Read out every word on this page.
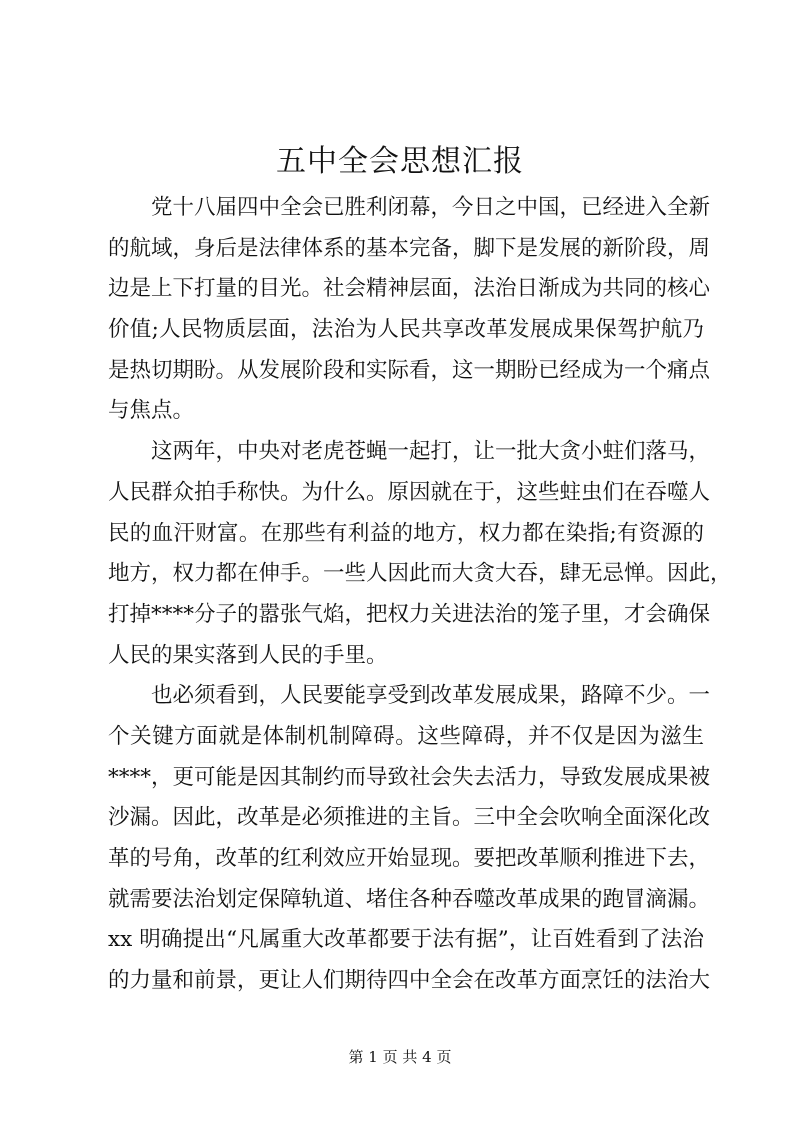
五中全会思想汇报
党十八届四中全会已胜利闭幕，今日之中国，已经进入全新
的航域，身后是法律体系的基本完备，脚下是发展的新阶段，周
边是上下打量的目光。社会精神层面，法治日渐成为共同的核心
价值;人民物质层面，法治为人民共享改革发展成果保驾护航乃
是热切期盼。从发展阶段和实际看，这一期盼已经成为一个痛点
与焦点。
这两年，中央对老虎苍蝇一起打，让一批大贪小蛀们落马，
人民群众拍手称快。为什么。原因就在于，这些蛀虫们在吞噬人
民的血汗财富。在那些有利益的地方，权力都在染指;有资源的
地方，权力都在伸手。一些人因此而大贪大吞，肆无忌惮。因此，
打掉****分子的嚣张气焰，把权力关进法治的笼子里，才会确保
人民的果实落到人民的手里。
也必须看到，人民要能享受到改革发展成果，路障不少。一
个关键方面就是体制机制障碍。这些障碍，并不仅是因为滋生
****，更可能是因其制约而导致社会失去活力，导致发展成果被
沙漏。因此，改革是必须推进的主旨。三中全会吹响全面深化改
革的号角，改革的红利效应开始显现。要把改革顺利推进下去，
就需要法治划定保障轨道、堵住各种吞噬改革成果的跑冒滴漏。
xx 明确提出“凡属重大改革都要于法有据”，让百姓看到了法治
的力量和前景，更让人们期待四中全会在改革方面烹饪的法治大
第 1 页 共 4 页
